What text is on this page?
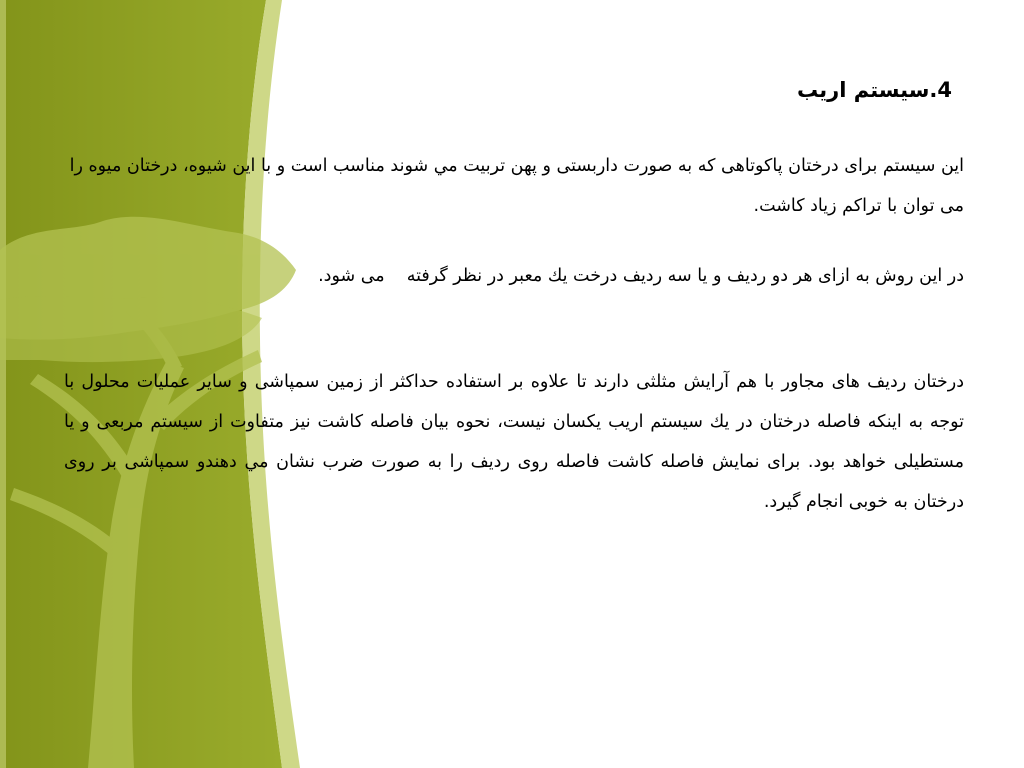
4.سیستم اریب
این سیستم برای درختان پاکوتاهی که به صورت داربستی و پهن تربیت مي شوند مناسب است و با این شیوه، درختان میوه را می توان با تراکم زیاد کاشت.
در این روش به ازای هر دو ردیف و یا سه ردیف درخت يك معبر در نظر گرفتهمی شود.
درختان ردیف های مجاور با هم آرایش مثلثی دارند تا علاوه بر استفاده حداکثر از زمین سمپاشی و سایر عملیات محلول با توجه به اینکه فاصله درختان در يك سیستم اریب یکسان نیست، نحوه بیان فاصله کاشت نیز متفاوت از سیستم مربعی و یا مستطیلی خواهد بود. برای نمایش فاصله کاشت فاصله روی ردیف را به صورت ضرب نشان مي دهندو سمپاشی بر روی درختان به خوبی انجام گیرد.
